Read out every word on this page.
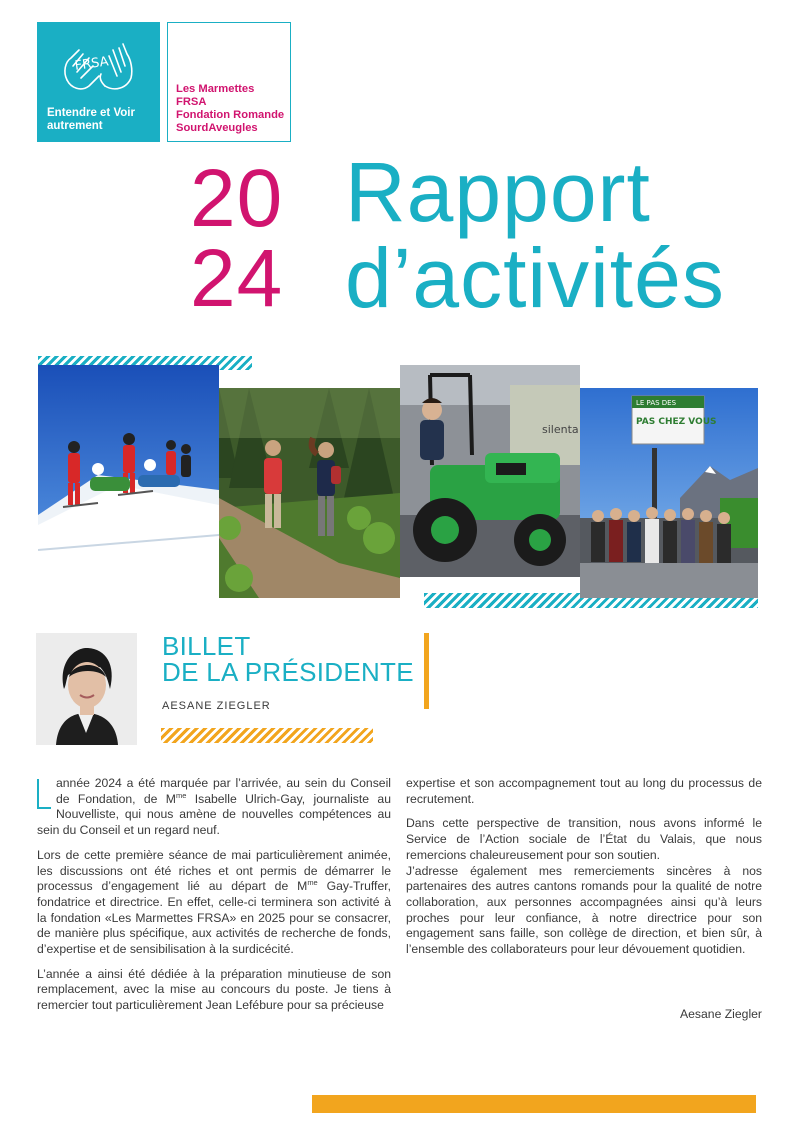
FRSA
Entendre et Voir autrement
Les Marmettes
FRSA
Fondation Romande
SourdAveugles
20
24
Rapport
d’activités
silenta
LE PAS DES
PAS CHEZ VOUS
BILLET
DE LA PRÉSIDENTE
AESANE ZIEGLER

année 2024 a été marquée par l’arrivée, au sein du Conseil de Fondation, de $M^{me}$ Isabelle Ulrich-Gay, journaliste au Nouvelliste, qui nous amène de nouvelles compétences au sein du Conseil et un regard neuf.

Lors de cette première séance de mai particulièrement animée, les discussions ont été riches et ont permis de démarrer le processus d’engagement lié au départ de $M^{me}$ Gay-Truffer, fondatrice et directrice. En effet, celle-ci terminera son activité à la fondation «Les Marmettes FRSA» en 2025 pour se consacrer, de manière plus spécifique, aux activités de recherche de fonds, d’expertise et de sensibilisation à la surdicécité.

L’année a ainsi été dédiée à la préparation minutieuse de son remplacement, avec la mise au concours du poste. Je tiens à remercier tout particulièrement Jean Lefébure pour sa précieuse

expertise et son accompagnement tout au long du processus de recrutement.

Dans cette perspective de transition, nous avons informé le Service de l’Action sociale de l’État du Valais, que nous remercions chaleureusement pour son soutien.

J’adresse également mes remerciements sincères à nos partenaires des autres cantons romands pour la qualité de notre collaboration, aux personnes accompagnées ainsi qu’à leurs proches pour leur confiance, à notre directrice pour son engagement sans faille, son collège de direction, et bien sûr, à l’ensemble des collaborateurs pour leur dévouement quotidien.

Aesane Ziegler
